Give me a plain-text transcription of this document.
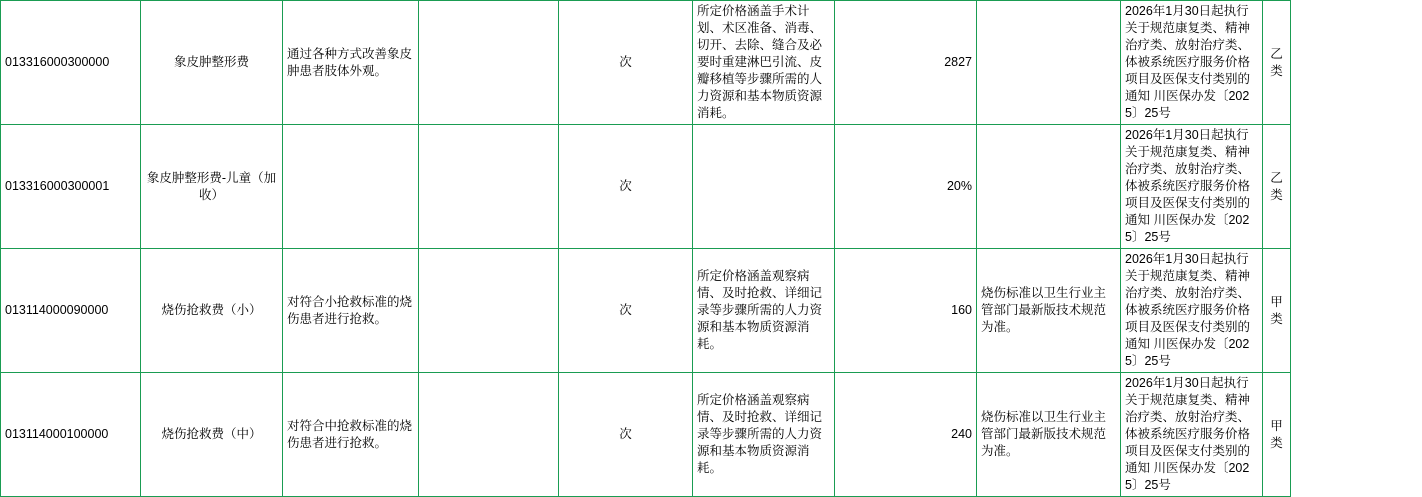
013316000300000	象皮肿整形费	通过各种方式改善象皮肿患者肢体外观。		次	所定价格涵盖手术计划、术区准备、消毒、切开、去除、缝合及必要时重建淋巴引流、皮瓣移植等步骤所需的人力资源和基本物质资源消耗。	2827		2026年1月30日起执行关于规范康复类、精神治疗类、放射治疗类、体被系统医疗服务价格项目及医保支付类别的通知 川医保办发〔2025〕25号	乙类
013316000300001	象皮肿整形费-儿童（加收）			次		20%		2026年1月30日起执行关于规范康复类、精神治疗类、放射治疗类、体被系统医疗服务价格项目及医保支付类别的通知 川医保办发〔2025〕25号	乙类
013114000090000	烧伤抢救费（小）	对符合小抢救标准的烧伤患者进行抢救。		次	所定价格涵盖观察病情、及时抢救、详细记录等步骤所需的人力资源和基本物质资源消耗。	160	烧伤标准以卫生行业主管部门最新版技术规范为准。	2026年1月30日起执行关于规范康复类、精神治疗类、放射治疗类、体被系统医疗服务价格项目及医保支付类别的通知 川医保办发〔2025〕25号	甲类
013114000100000	烧伤抢救费（中）	对符合中抢救标准的烧伤患者进行抢救。		次	所定价格涵盖观察病情、及时抢救、详细记录等步骤所需的人力资源和基本物质资源消耗。	240	烧伤标准以卫生行业主管部门最新版技术规范为准。	2026年1月30日起执行关于规范康复类、精神治疗类、放射治疗类、体被系统医疗服务价格项目及医保支付类别的通知 川医保办发〔2025〕25号	甲类
